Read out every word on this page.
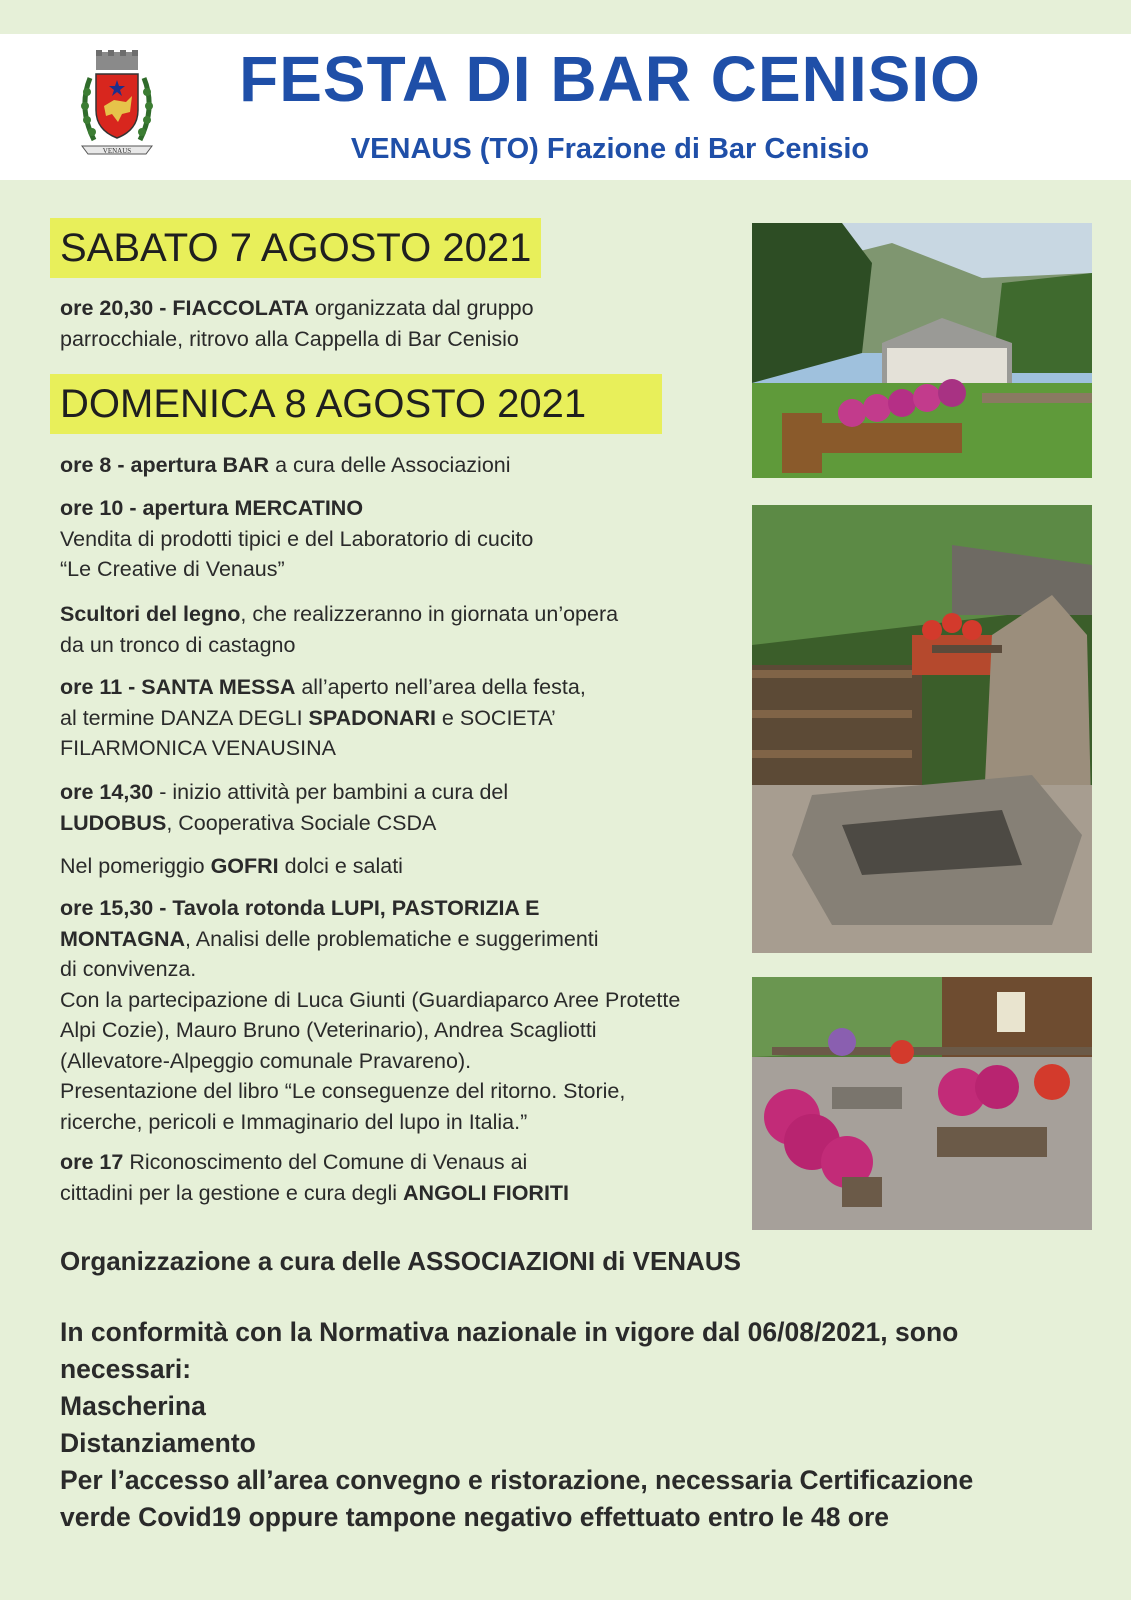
VENAUS
FESTA DI BAR CENISIO
VENAUS (TO) Frazione di Bar Cenisio
SABATO 7 AGOSTO 2021
ore 20,30 - FIACCOLATA organizzata dal gruppo
parrocchiale, ritrovo alla Cappella di Bar Cenisio
DOMENICA 8 AGOSTO 2021
ore 8 - apertura BAR a cura delle Associazioni
ore 10 - apertura MERCATINO
Vendita di prodotti tipici e del Laboratorio di cucito
“Le Creative di Venaus”
Scultori del legno, che realizzeranno in giornata un’opera
da un tronco di castagno
ore 11 - SANTA MESSA all’aperto nell’area della festa,
al termine DANZA DEGLI SPADONARI e SOCIETA’
FILARMONICA VENAUSINA
ore 14,30 - inizio attività per bambini a cura del
LUDOBUS, Cooperativa Sociale CSDA
Nel pomeriggio GOFRI dolci e salati
ore 15,30 - Tavola rotonda LUPI, PASTORIZIA E
MONTAGNA, Analisi delle problematiche e suggerimenti
di convivenza.
Con la partecipazione di Luca Giunti (Guardiaparco Aree Protette
Alpi Cozie), Mauro Bruno (Veterinario), Andrea Scagliotti
(Allevatore-Alpeggio comunale Pravareno).
Presentazione del libro “Le conseguenze del ritorno. Storie,
ricerche, pericoli e Immaginario del lupo in Italia.”
ore 17 Riconoscimento del Comune di Venaus ai
cittadini per la gestione e cura degli ANGOLI FIORITI
Organizzazione a cura delle ASSOCIAZIONI di VENAUS
In conformità con la Normativa nazionale in vigore dal 06/08/2021, sono
necessari:
Mascherina
Distanziamento
Per l’accesso all’area convegno e ristorazione, necessaria Certificazione
verde Covid19 oppure tampone negativo effettuato entro le 48 ore
